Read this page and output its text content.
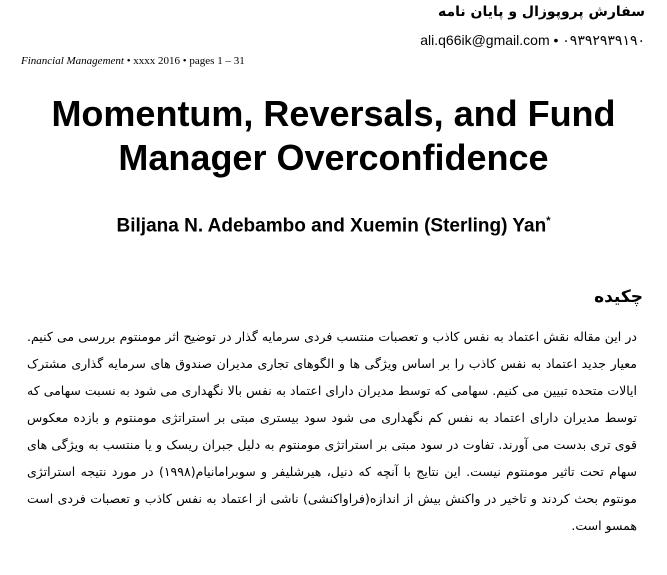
سفارش پروپوزال و پایان نامه
ali.q66ik@gmail.com • ۰۹۳۹۲۹۳۹۱۹۰
Financial Management • xxxx 2016 • pages 1 – 31
Momentum, Reversals, and Fund
Manager Overconfidence
Biljana N. Adebambo and Xuemin (Sterling) Yan*
چکیده
در این مقاله نقش اعتماد به نفس کاذب و تعصبات منتسب فردی سرمایه گذار در توضیح اثر مومنتوم بررسی می کنیم. معیار جدید اعتماد به نفس کاذب را بر اساس ویژگی ها و الگوهای تجاری مدیران صندوق های سرمایه گذاری مشترک ایالات متحده تبیین می کنیم. سهامی که توسط مدیران دارای اعتماد به نفس بالا نگهداری می شود به نسبت سهامی که توسط مدیران دارای اعتماد به نفس کم نگهداری می شود سود بیستری مبتی بر استراتژی مومنتوم و بازده معکوس قوی تری بدست می آورند. تفاوت در سود مبتی بر استراتژی مومنتوم به دلیل جبران ریسک و یا منتسب به ویژگی های سهام تحت تاثیر مومنتوم نیست. این نتایج با آنچه که دنیل، هیرشلیفر و سوبرامانیام(۱۹۹۸) در مورد نتیجه استراتژی مونتوم بحث کردند و تاخیر در واکنش بیش از اندازه(فراواکنشی) ناشی از اعتماد به نفس کاذب و تعصبات فردی است همسو است.
